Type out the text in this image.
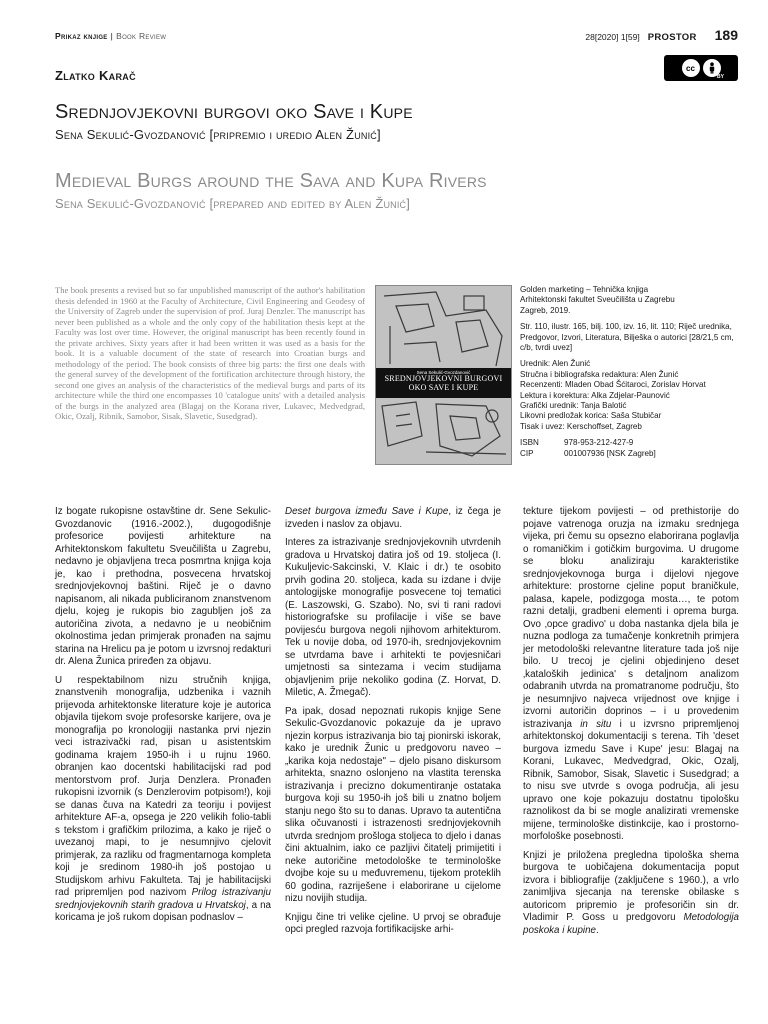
Prikaz knjige | Book Review	28[2020] 1[59] PROSTOR 189
Zlatko Karač	cc
BY
Srednjovjekovni burgovi oko Save i Kupe
Sena Sekulić-Gvozdanović [pripremio i uredio Alen Žunić]
Medieval Burgs around the Sava and Kupa Rivers
Sena Sekulić-Gvozdanović [prepared and edited by Alen Žunić]
The book presents a revised but so far unpublished manuscript of the author's habilitation thesis defended in 1960 at the Faculty of Architecture, Civil Engineering and Geodesy of the University of Zagreb under the supervision of prof. Juraj Denzler. The manuscript has never been published as a whole and the only copy of the habilitation thesis kept at the Faculty was lost over time. However, the original manuscript has been recently found in the private archives. Sixty years after it had been written it was used as a basis for the book. It is a valuable document of the state of research into Croatian burgs and methodology of the period. The book consists of three big parts: the first one deals with the general survey of the development of the fortification architecture through history, the second one gives an analysis of the characteristics of the medieval burgs and parts of its architecture while the third one encompasses 10 'catalogue units' with a detailed analysis of the burgs in the analyzed area (Blagaj on the Korana river, Lukavec, Medvedgrad, Okic, Ozalj, Ribnik, Samobor, Sisak, Slavetic, Susedgrad).
Sena Sekulić-Gvozdanović
SREDNJOVJEKOVNI BURGOVI
OKO SAVE I KUPE

Golden marketing – Tehnička knjiga
Arhitektonski fakultet Sveučilišta u Zagrebu
Zagreb, 2019.

Str. 110, ilustr. 165, bilj. 100, izv. 16, lit. 110; Riječ urednika, Predgovor, Izvori, Literatura, Bilješka o autorici [28/21,5 cm, c/b, tvrdi uvez]

Urednik: Alen Žunić
Stručna i bibliografska redaktura: Alen Žunić
Recenzenti: Mladen Obad Šćitaroci, Zorislav Horvat
Lektura i korektura: Alka Zdjelar-Paunović
Grafički urednik: Tanja Balotić
Likovni predložak korica: Saša Stubičar
Tisak i uvez: Kerschoffset, Zagreb

ISBN	978-953-212-427-9
CIP	001007936 [NSK Zagreb]

Iz bogate rukopisne ostavštine dr. Sene Sekulic-Gvozdanovic (1916.-2002.), dugogodišnje profesorice povijesti arhitekture na Arhitektonskom fakultetu Sveučilišta u Zagrebu, nedavno je objavljena treca posmrtna knjiga koja je, kao i prethodna, posvecena hrvatskoj srednjovjekovnoj baštini. Riječ je o davno napisanom, ali nikada publiciranom znanstvenom djelu, kojeg je rukopis bio zagubljen još za autoričina zivota, a nedavno je u neobičnim okolnostima jedan primjerak pronađen na sajmu starina na Hrelicu pa je potom u izvrsnoj redakturi dr. Alena Žunica priređen za objavu.

U respektabilnom nizu stručnih knjiga, znanstvenih monografija, udzbenika i vaznih prijevoda arhitektonske literature koje je autorica objavila tijekom svoje profesorske karijere, ova je monografija po kronologiji nastanka prvi njezin veci istrazivački rad, pisan u asistentskim godinama krajem 1950-ih i u rujnu 1960. obranjen kao docentski habilitacijski rad pod mentorstvom prof. Jurja Denzlera. Pronađen rukopisni izvornik (s Denzlerovim potpisom!), koji se danas čuva na Katedri za teoriju i povijest arhitekture AF-a, opsega je 220 velikih folio-tabli s tekstom i grafičkim prilozima, a kako je riječ o uvezanoj mapi, to je nesumnjivo cjelovit primjerak, za razliku od fragmentarnoga kompleta koji je sredinom 1980-ih još postojao u Studijskom arhivu Fakulteta. Taj je habilitacijski rad pripremljen pod nazivom Prilog istrazivanju srednjovjekovnih starih gradova u Hrvatskoj, a na koricama je još rukom dopisan podnaslov –

Deset burgova između Save i Kupe, iz čega je izveden i naslov za objavu.

Interes za istrazivanje srednjovjekovnih utvrdenih gradova u Hrvatskoj datira još od 19. stoljeca (I. Kukuljevic-Sakcinski, V. Klaic i dr.) te osobito prvih godina 20. stoljeca, kada su izdane i dvije antologijske monografije posvecene toj tematici (E. Laszowski, G. Szabo). No, svi ti rani radovi historiografske su profilacije i više se bave povijesću burgova negoli njihovom arhitekturom. Tek u novije doba, od 1970-ih, srednjovjekovnim se utvrdama bave i arhitekti te povjesničari umjetnosti sa sintezama i vecim studijama objavljenim prije nekoliko godina (Z. Horvat, D. Miletic, A. Žmegač).

Pa ipak, dosad nepoznati rukopis knjige Sene Sekulic-Gvozdanovic pokazuje da je upravo njezin korpus istrazivanja bio taj pionirski iskorak, kako je urednik Žunic u predgovoru naveo – „karika koja nedostaje" – djelo pisano diskursom arhitekta, snazno oslonjeno na vlastita terenska istrazivanja i precizno dokumentiranje ostataka burgova koji su 1950-ih još bili u znatno boljem stanju nego što su to danas. Upravo ta autentična slika očuvanosti i istrazenosti srednjovjekovnih utvrda srednjom prošloga stoljeca to djelo i danas čini aktualnim, iako ce pazljivi čitatelj primijetiti i neke autoričine metodološke te terminološke dvojbe koje su u međuvremenu, tijekom proteklih 60 godina, razriješene i elaborirane u cijelome nizu novijih studija.

Knjigu čine tri velike cjeline. U prvoj se obrađuje opci pregled razvoja fortifikacijske arhi-

tekture tijekom povijesti – od prethistorije do pojave vatrenoga oruzja na izmaku srednjega vijeka, pri čemu su opsezno elaborirana poglavlja o romaničkim i gotičkim burgovima. U drugome se bloku analiziraju karakteristike srednjovjekovnoga burga i dijelovi njegove arhitekture: prostorne cjeline poput braničkule, palasa, kapele, podizgoga mosta…, te potom razni detalji, gradbeni elementi i oprema burga. Ovo ‚opce gradivo' u doba nastanka djela bila je nuzna podloga za tumačenje konkretnih primjera jer metodološki relevantne literature tada još nije bilo. U trecoj je cjelini objedinjeno deset ‚kataloških jedinica' s detaljnom analizom odabranih utvrda na promatranome području, što je nesumnjivo najveca vrijednost ove knjige i izvorni autoričin doprinos – i u provedenim istrazivanja in situ i u izvrsno pripremljenoj arhitektonskoj dokumentaciji s terena. Tih 'deset burgova izmedu Save i Kupe' jesu: Blagaj na Korani, Lukavec, Medvedgrad, Okic, Ozalj, Ribnik, Samobor, Sisak, Slavetic i Susedgrad; a to nisu sve utvrde s ovoga područja, ali jesu upravo one koje pokazuju dostatnu tipološku raznolikost da bi se mogle analizirati vremenske mijene, terminološke distinkcije, kao i prostorno-morfološke posebnosti.

Knjizi je priložena pregledna tipološka shema burgova te uobičajena dokumentacija poput izvora i bibliografije (zaključene s 1960.), a vrlo zanimljiva sjecanja na terenske obilaske s autoricom pripremio je profesoričin sin dr. Vladimir P. Goss u predgovoru Metodologija poskoka i kupine.
